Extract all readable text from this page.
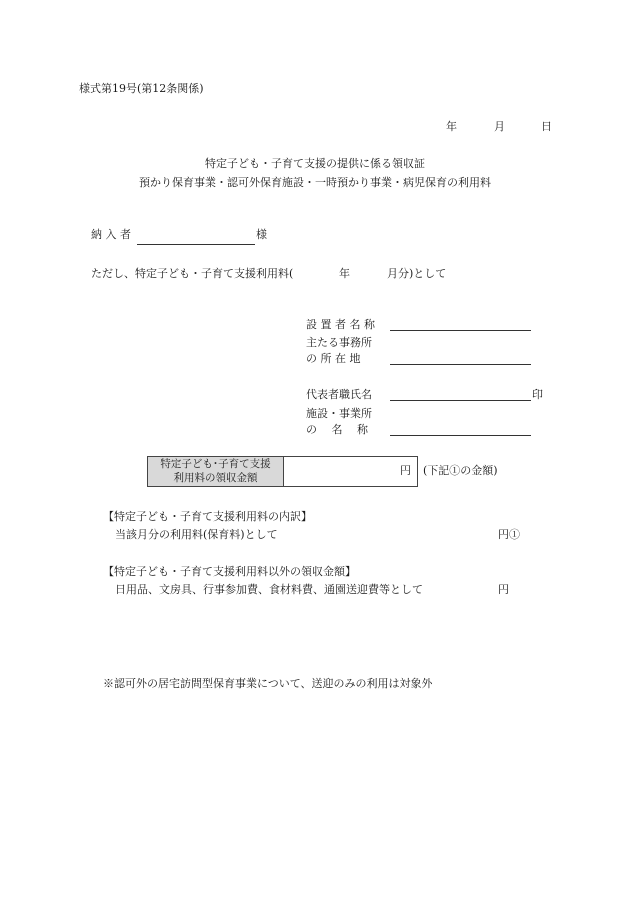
様式第19号(第12条関係)
年	月	日
特定子ども・子育て支援の提供に係る領収証
預かり保育事業・認可外保育施設・一時預かり事業・病児保育の利用料
納 入 者	様
ただし、特定子ども・子育て支援利用料(	年	月分)として
設 置 者 名 称
主たる事務所
の 所 在 地
代表者職氏名	印
施設・事業所
の　 名　 称
特定子ども･子育て支援
利用料の領収金額
円 (下記①の金額)
【特定子ども・子育て支援利用料の内訳】
当該月分の利用料(保育料)として	円①
【特定子ども・子育て支援利用料以外の領収金額】
日用品、文房具、行事参加費、食材料費、通園送迎費等として	円
※認可外の居宅訪問型保育事業について、送迎のみの利用は対象外
